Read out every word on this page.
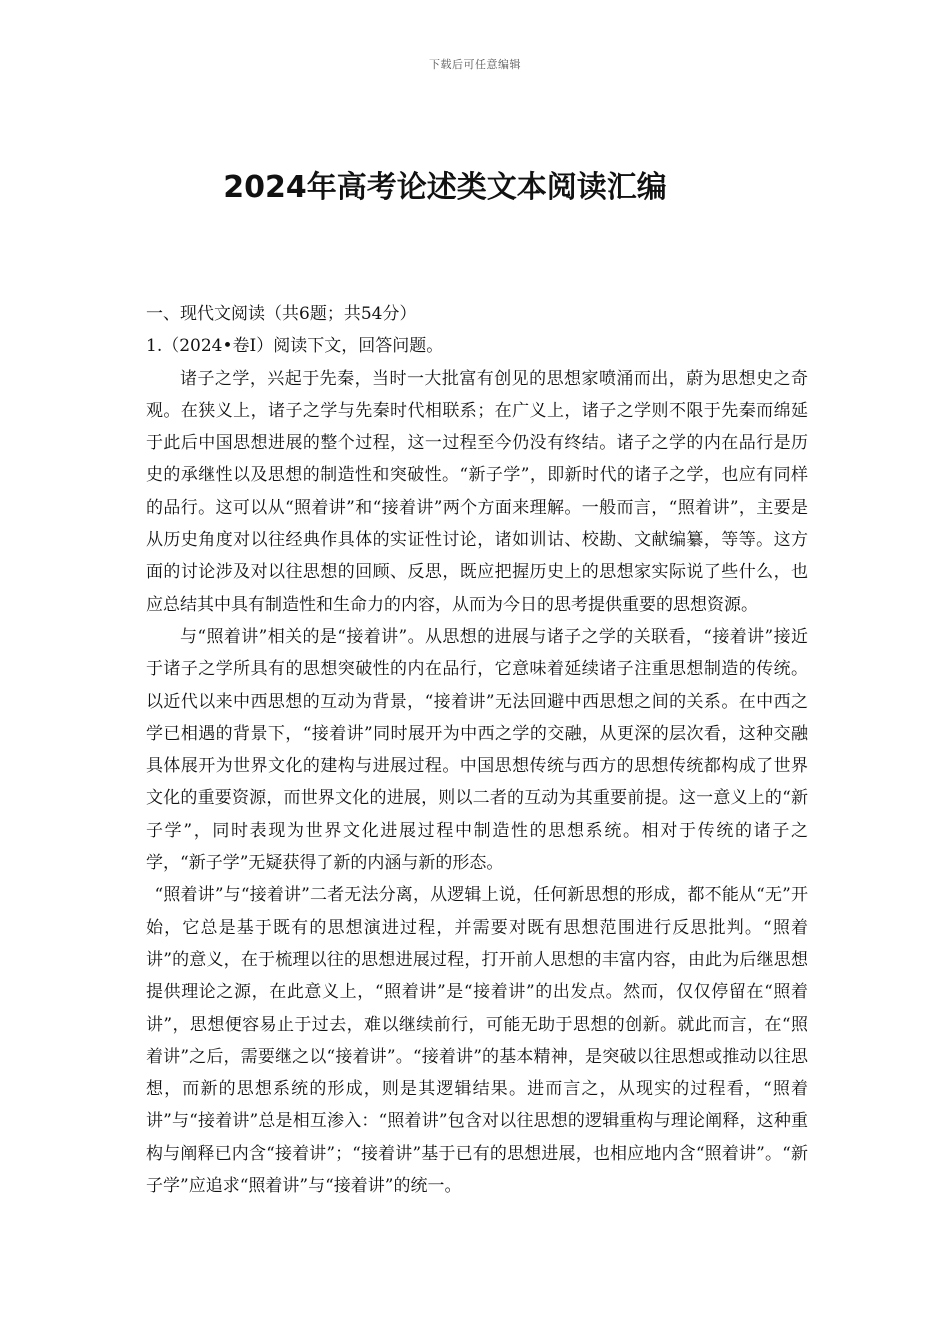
下载后可任意编辑
2024年高考论述类文本阅读汇编

一、现代文阅读（共6题；共54分）

1.（2024•卷Ⅰ）阅读下文，回答问题。

诸子之学，兴起于先秦，当时一大批富有创见的思想家喷涌而出，蔚为思想史之奇观。在狭义上，诸子之学与先秦时代相联系；在广义上，诸子之学则不限于先秦而绵延于此后中国思想进展的整个过程，这一过程至今仍没有终结。诸子之学的内在品行是历史的承继性以及思想的制造性和突破性。“新子学”，即新时代的诸子之学，也应有同样的品行。这可以从“照着讲”和“接着讲”两个方面来理解。一般而言，“照着讲”，主要是从历史角度对以往经典作具体的实证性讨论，诸如训诂、校勘、文献编纂，等等。这方面的讨论涉及对以往思想的回顾、反思，既应把握历史上的思想家实际说了些什么，也应总结其中具有制造性和生命力的内容，从而为今日的思考提供重要的思想资源。

与“照着讲”相关的是“接着讲”。从思想的进展与诸子之学的关联看，“接着讲”接近于诸子之学所具有的思想突破性的内在品行，它意味着延续诸子注重思想制造的传统。以近代以来中西思想的互动为背景，“接着讲”无法回避中西思想之间的关系。在中西之学已相遇的背景下，“接着讲”同时展开为中西之学的交融，从更深的层次看，这种交融具体展开为世界文化的建构与进展过程。中国思想传统与西方的思想传统都构成了世界文化的重要资源，而世界文化的进展，则以二者的互动为其重要前提。这一意义上的“新子学”，同时表现为世界文化进展过程中制造性的思想系统。相对于传统的诸子之学，“新子学”无疑获得了新的内涵与新的形态。

“照着讲”与“接着讲”二者无法分离，从逻辑上说，任何新思想的形成，都不能从“无”开始，它总是基于既有的思想演进过程，并需要对既有思想范围进行反思批判。“照着讲”的意义，在于梳理以往的思想进展过程，打开前人思想的丰富内容，由此为后继思想提供理论之源，在此意义上，“照着讲”是“接着讲”的出发点。然而，仅仅停留在“照着讲”，思想便容易止于过去，难以继续前行，可能无助于思想的创新。就此而言，在“照着讲”之后，需要继之以“接着讲”。“接着讲”的基本精神，是突破以往思想或推动以往思想，而新的思想系统的形成，则是其逻辑结果。进而言之，从现实的过程看，“照着讲”与“接着讲”总是相互渗入：“照着讲”包含对以往思想的逻辑重构与理论阐释，这种重构与阐释已内含“接着讲”；“接着讲”基于已有的思想进展，也相应地内含“照着讲”。“新子学”应追求“照着讲”与“接着讲”的统一。
